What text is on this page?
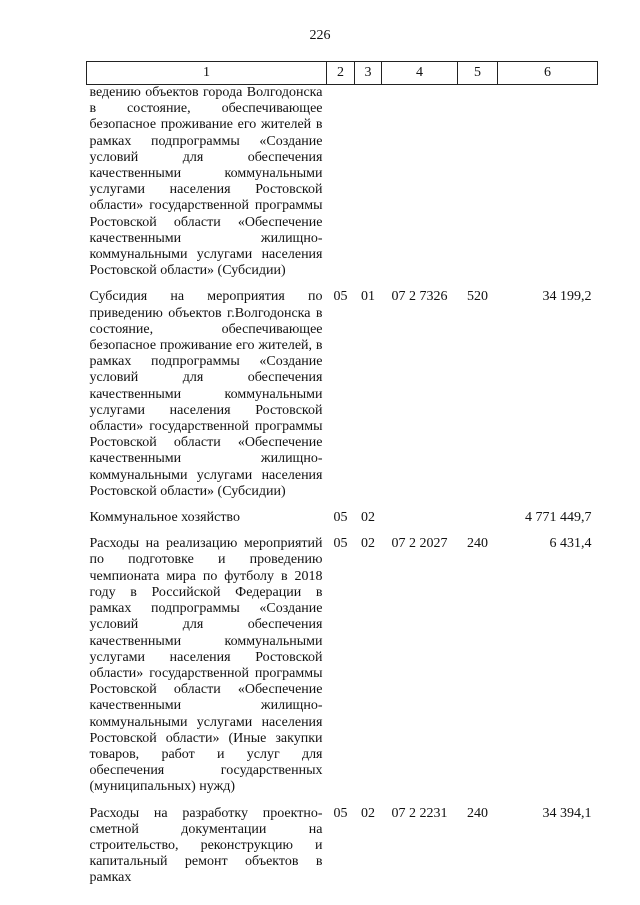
226
1	2	3	4	5	6
ведению объектов города Волгодонска в состояние, обеспечивающее безопасное проживание его жителей в рамках подпрограммы «Создание условий для обеспечения качественными коммунальными услугами населения Ростовской области» государственной программы Ростовской области «Обеспечение качественными жилищно-коммунальными услугами населения Ростовской области» (Субсидии)					
Субсидия на мероприятия по приведению объектов г.Волгодонска в состояние, обеспечивающее безопасное проживание его жителей, в рамках подпрограммы «Создание условий для обеспечения качественными коммунальными услугами населения Ростовской области» государственной программы Ростовской области «Обеспечение качественными жилищно-коммунальными услугами населения Ростовской области» (Субсидии)	05	01	07 2 7326	520	34 199,2
Коммунальное хозяйство	05	02			4 771 449,7
Расходы на реализацию мероприятий по подготовке и проведению чемпионата мира по футболу в 2018 году в Российской Федерации в рамках подпрограммы «Создание условий для обеспечения качественными коммунальными услугами населения Ростовской области» государственной программы Ростовской области «Обеспечение качественными жилищно-коммунальными услугами населения Ростовской области» (Иные закупки товаров, работ и услуг для обеспечения государственных (муниципальных) нужд)	05	02	07 2 2027	240	6 431,4
Расходы на разработку проектно-сметной документации на строительство, реконструкцию и капитальный ремонт объектов в рамках	05	02	07 2 2231	240	34 394,1
